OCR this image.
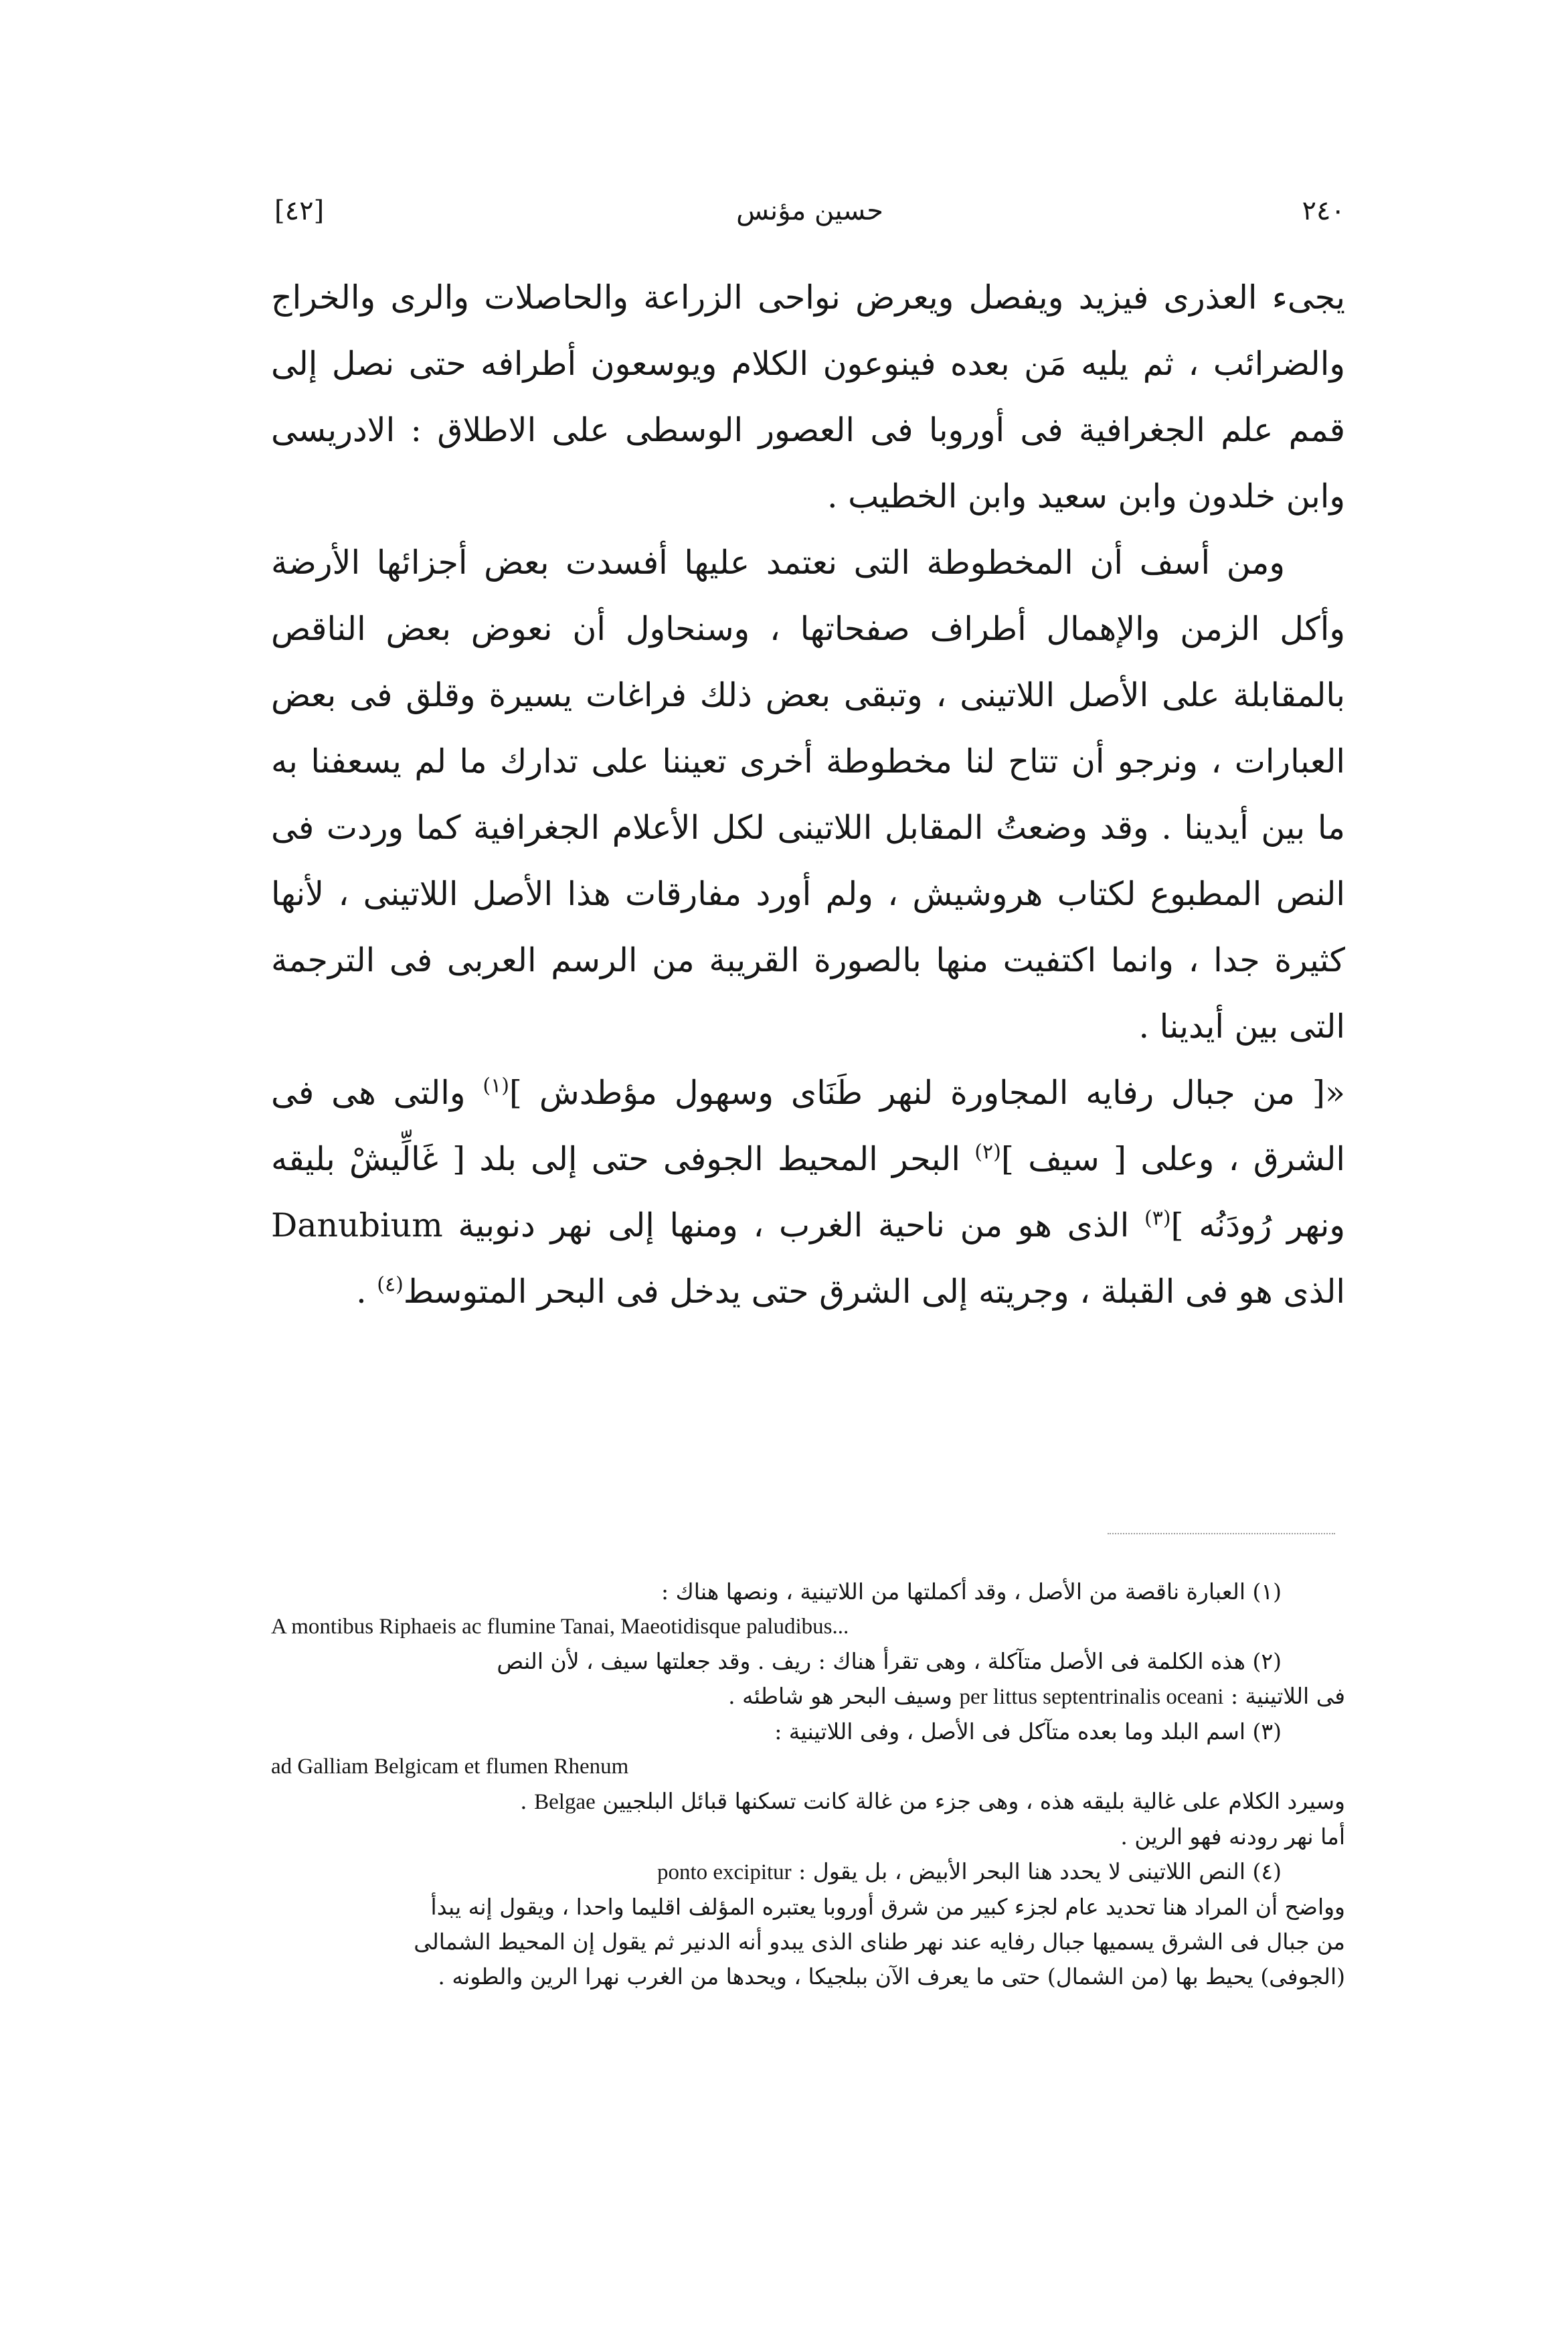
٢٤٠
حسين مؤنس
[٤٢]

يجىء العذرى فيزيد ويفصل ويعرض نواحى الزراعة والحاصلات والرى والخراج والضرائب ، ثم يليه مَن بعده فينوعون الكلام ويوسعون أطرافه حتى نصل إلى قمم علم الجغرافية فى أوروبا فى العصور الوسطى على الاطلاق : الادريسى وابن خلدون وابن سعيد وابن الخطيب .

ومن أسف أن المخطوطة التى نعتمد عليها أفسدت بعض أجزائها الأرضة وأكل الزمن والإهمال أطراف صفحاتها ، وسنحاول أن نعوض بعض الناقص بالمقابلة على الأصل اللاتينى ، وتبقى بعض ذلك فراغات يسيرة وقلق فى بعض العبارات ، ونرجو أن تتاح لنا مخطوطة أخرى تعيننا على تدارك ما لم يسعفنا به ما بين أيدينا . وقد وضعتُ المقابل اللاتينى لكل الأعلام الجغرافية كما وردت فى النص المطبوع لكتاب هروشيش ، ولم أورد مفارقات هذا الأصل اللاتينى ، لأنها كثيرة جدا ، وانما اكتفيت منها بالصورة القريبة من الرسم العربى فى الترجمة التى بين أيدينا .

«[ من جبال رفايه المجاورة لنهر طَنَاى وسهول مؤطدش ]$^{(١)}$ والتى هى فى الشرق ، وعلى [ سيف ]$^{(٢)}$ البحر المحيط الجوفى حتى إلى بلد [ غَالِّيشْ بليقه ونهر رُودَنُه ]$^{(٣)}$ الذى هو من ناحية الغرب ، ومنها إلى نهر دنوبية Danubium الذى هو فى القبلة ، وجريته إلى الشرق حتى يدخل فى البحر المتوسط$^{(٤)}$ .

(١) العبارة ناقصة من الأصل ، وقد أكملتها من اللاتينية ، ونصها هناك :

A montibus Riphaeis ac flumine Tanai, Maeotidisque paludibus...

(٢) هذه الكلمة فى الأصل متآكلة ، وهى تقرأ هناك : ريف . وقد جعلتها سيف ، لأن النص

فى اللاتينية : per littus septentrinalis oceani وسيف البحر هو شاطئه .

(٣) اسم البلد وما بعده متآكل فى الأصل ، وفى اللاتينية :

ad Galliam Belgicam et flumen Rhenum

وسيرد الكلام على غالية بليقه هذه ، وهى جزء من غالة كانت تسكنها قبائل البلجيين Belgae .

أما نهر رودنه فهو الرين .

(٤) النص اللاتينى لا يحدد هنا البحر الأبيض ، بل يقول : ponto excipitur

وواضح أن المراد هنا تحديد عام لجزء كبير من شرق أوروبا يعتبره المؤلف اقليما واحدا ، ويقول إنه يبدأ

من جبال فى الشرق يسميها جبال رفايه عند نهر طناى الذى يبدو أنه الدنير ثم يقول إن المحيط الشمالى

(الجوفى) يحيط بها (من الشمال) حتى ما يعرف الآن ببلجيكا ، ويحدها من الغرب نهرا الرين والطونه .
